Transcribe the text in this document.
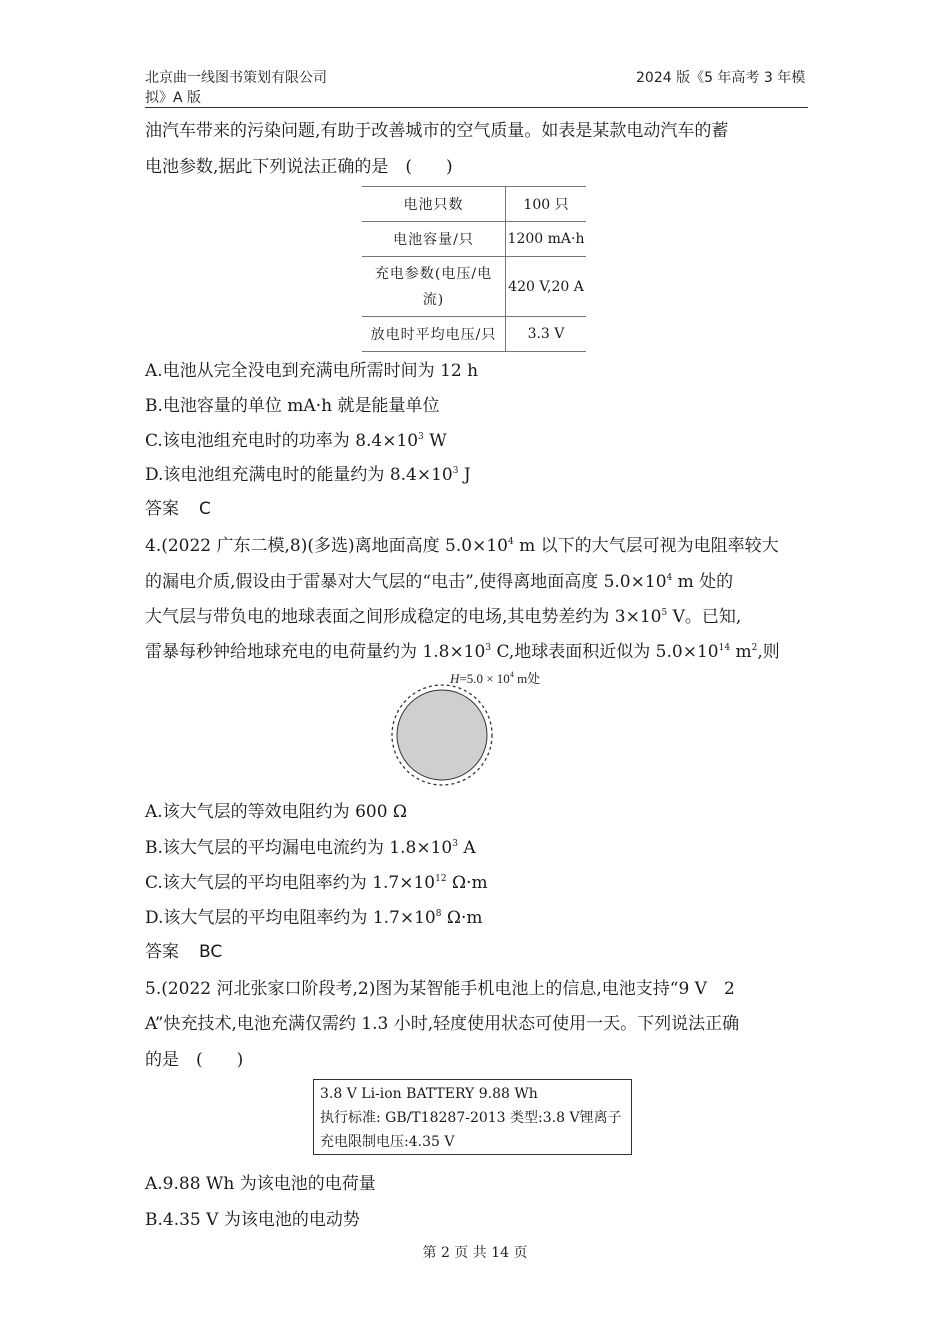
北京曲一线图书策划有限公司
拟》A 版
2024 版《5 年高考 3 年模
油汽车带来的污染问题,有助于改善城市的空气质量。如表是某款电动汽车的蓄
电池参数,据此下列说法正确的是　(　　)
电池只数	100 只
电池容量/只	1200 mA·h

充电参数(电压/电
流)	420 V,20 A
放电时平均电压/只	3.3 V
A.电池从完全没电到充满电所需时间为 12 h
B.电池容量的单位 mA·h 就是能量单位
C.该电池组充电时的功率为 $8.4\times 10^3$ W
D.该电池组充满电时的能量约为 $8.4\times 10^3$ J
答案 C
4.(2022 广东二模,8)(多选)离地面高度 $5.0\times 10^4$ m 以下的大气层可视为电阻率较大
的漏电介质,假设由于雷暴对大气层的“电击”,使得离地面高度 $5.0\times 10^4$ m 处的
大气层与带负电的地球表面之间形成稳定的电场,其电势差约为 $3\times 10^5$ V。已知,
雷暴每秒钟给地球充电的电荷量约为 $1.8\times 10^3$ C,地球表面积近似为 $5.0\times 10^{14}$ $m^2$,则
$H=5.0 \times 10^4$ m处
A.该大气层的等效电阻约为 600 Ω
B.该大气层的平均漏电电流约为 $1.8\times 10^3$ A
C.该大气层的平均电阻率约为 $1.7\times 10^{12}$ Ω·m
D.该大气层的平均电阻率约为 $1.7\times 10^8$ Ω·m
答案 BC
5.(2022 河北张家口阶段考,2)图为某智能手机电池上的信息,电池支持“9 V　2
A”快充技术,电池充满仅需约 1.3 小时,轻度使用状态可使用一天。下列说法正确
的是　(　　)
3.8 V Li-ion BATTERY 9.88 Wh
执行标准: GB/T18287-2013 类型:3.8 V锂离子
充电限制电压:4.35 V
A.9.88 Wh 为该电池的电荷量
B.4.35 V 为该电池的电动势
第 2 页 共 14 页
